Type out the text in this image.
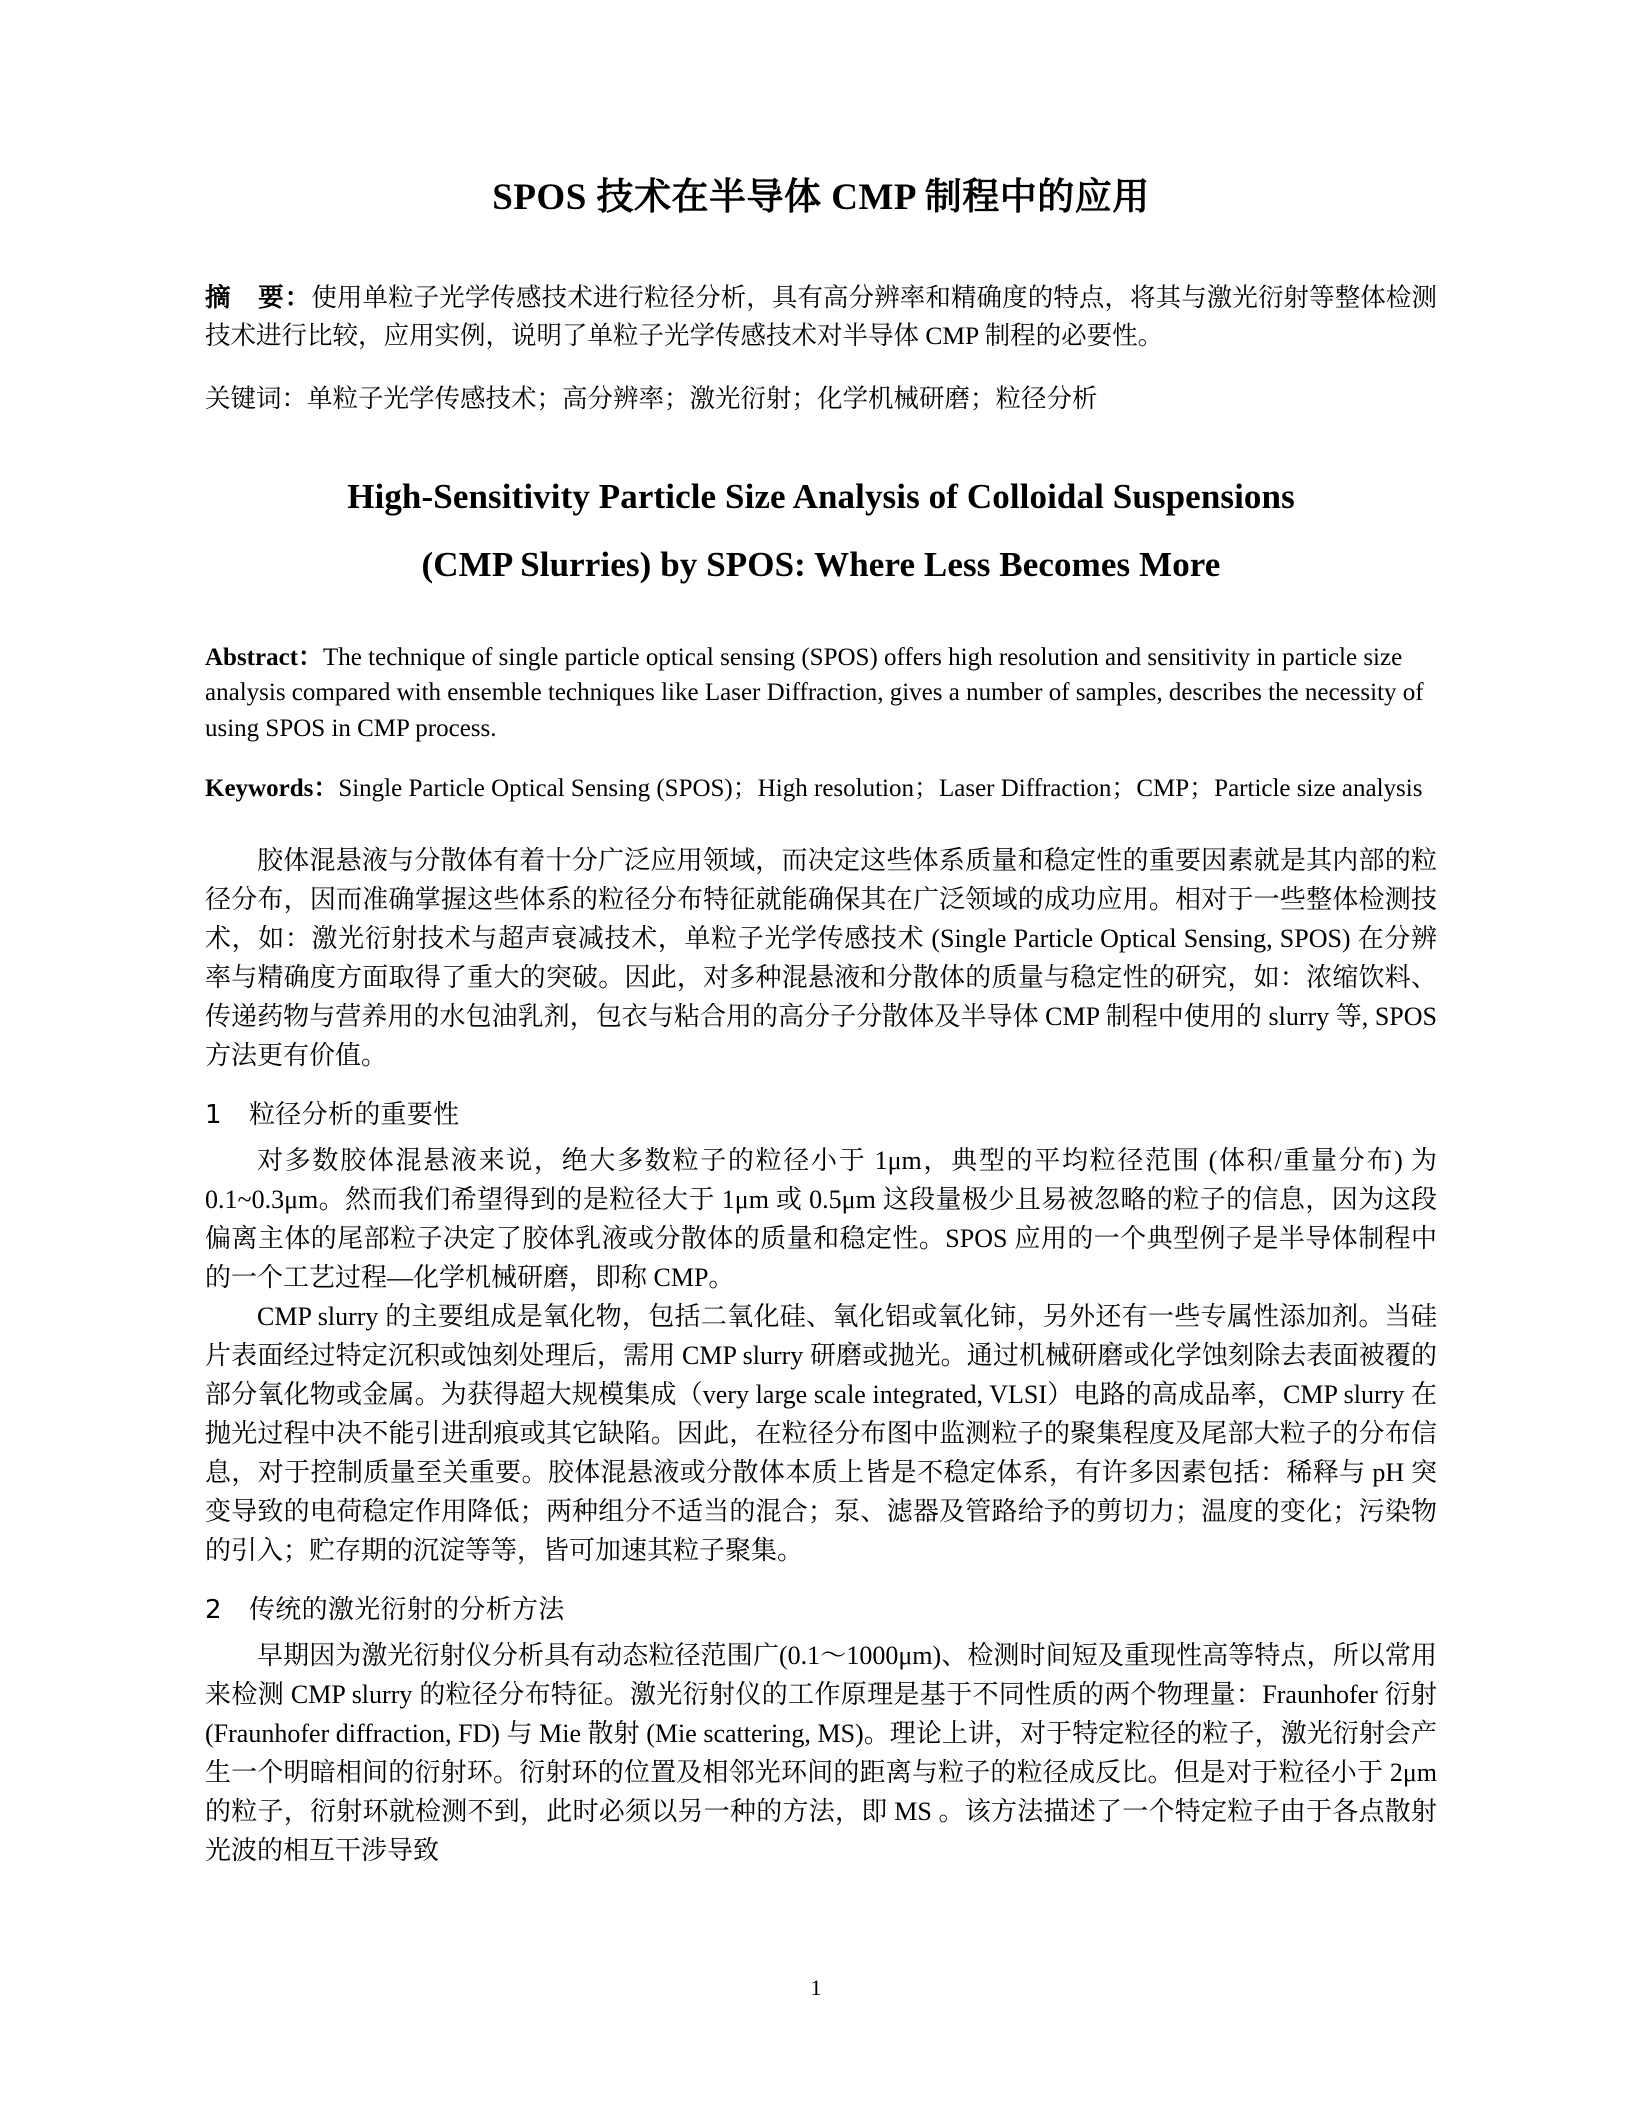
SPOS 技术在半导体 CMP 制程中的应用

摘　要：使用单粒子光学传感技术进行粒径分析，具有高分辨率和精确度的特点，将其与激光衍射等整体检测技术进行比较，应用实例，说明了单粒子光学传感技术对半导体 CMP 制程的必要性。

关键词：单粒子光学传感技术；高分辨率；激光衍射；化学机械研磨；粒径分析

High-Sensitivity Particle Size Analysis of Colloidal Suspensions
(CMP Slurries) by SPOS: Where Less Becomes More

Abstract：The technique of single particle optical sensing (SPOS) offers high resolution and sensitivity in particle size analysis compared with ensemble techniques like Laser Diffraction, gives a number of samples, describes the necessity of using SPOS in CMP process.

Keywords：Single Particle Optical Sensing (SPOS)；High resolution；Laser Diffraction；CMP；Particle size analysis

胶体混悬液与分散体有着十分广泛应用领域，而决定这些体系质量和稳定性的重要因素就是其内部的粒径分布，因而准确掌握这些体系的粒径分布特征就能确保其在广泛领域的成功应用。相对于一些整体检测技术，如：激光衍射技术与超声衰减技术，单粒子光学传感技术 (Single Particle Optical Sensing, SPOS) 在分辨率与精确度方面取得了重大的突破。因此，对多种混悬液和分散体的质量与稳定性的研究，如：浓缩饮料、传递药物与营养用的水包油乳剂，包衣与粘合用的高分子分散体及半导体 CMP 制程中使用的 slurry 等, SPOS 方法更有价值。

1 粒径分析的重要性

对多数胶体混悬液来说，绝大多数粒子的粒径小于 1μm，典型的平均粒径范围 (体积/重量分布) 为 0.1~0.3μm。然而我们希望得到的是粒径大于 1μm 或 0.5μm 这段量极少且易被忽略的粒子的信息，因为这段偏离主体的尾部粒子决定了胶体乳液或分散体的质量和稳定性。SPOS 应用的一个典型例子是半导体制程中的一个工艺过程—化学机械研磨，即称 CMP。

CMP slurry 的主要组成是氧化物，包括二氧化硅、氧化铝或氧化铈，另外还有一些专属性添加剂。当硅片表面经过特定沉积或蚀刻处理后，需用 CMP slurry 研磨或抛光。通过机械研磨或化学蚀刻除去表面被覆的部分氧化物或金属。为获得超大规模集成（very large scale integrated, VLSI）电路的高成品率，CMP slurry 在抛光过程中决不能引进刮痕或其它缺陷。因此，在粒径分布图中监测粒子的聚集程度及尾部大粒子的分布信息，对于控制质量至关重要。胶体混悬液或分散体本质上皆是不稳定体系，有许多因素包括：稀释与 pH 突变导致的电荷稳定作用降低；两种组分不适当的混合；泵、滤器及管路给予的剪切力；温度的变化；污染物的引入；贮存期的沉淀等等，皆可加速其粒子聚集。

2 传统的激光衍射的分析方法

早期因为激光衍射仪分析具有动态粒径范围广(0.1～1000μm)、检测时间短及重现性高等特点，所以常用来检测 CMP slurry 的粒径分布特征。激光衍射仪的工作原理是基于不同性质的两个物理量：Fraunhofer 衍射(Fraunhofer diffraction, FD) 与 Mie 散射 (Mie scattering, MS)。理论上讲，对于特定粒径的粒子，激光衍射会产生一个明暗相间的衍射环。衍射环的位置及相邻光环间的距离与粒子的粒径成反比。但是对于粒径小于 2μm 的粒子，衍射环就检测不到，此时必须以另一种的方法，即 MS 。该方法描述了一个特定粒子由于各点散射光波的相互干涉导致

1
